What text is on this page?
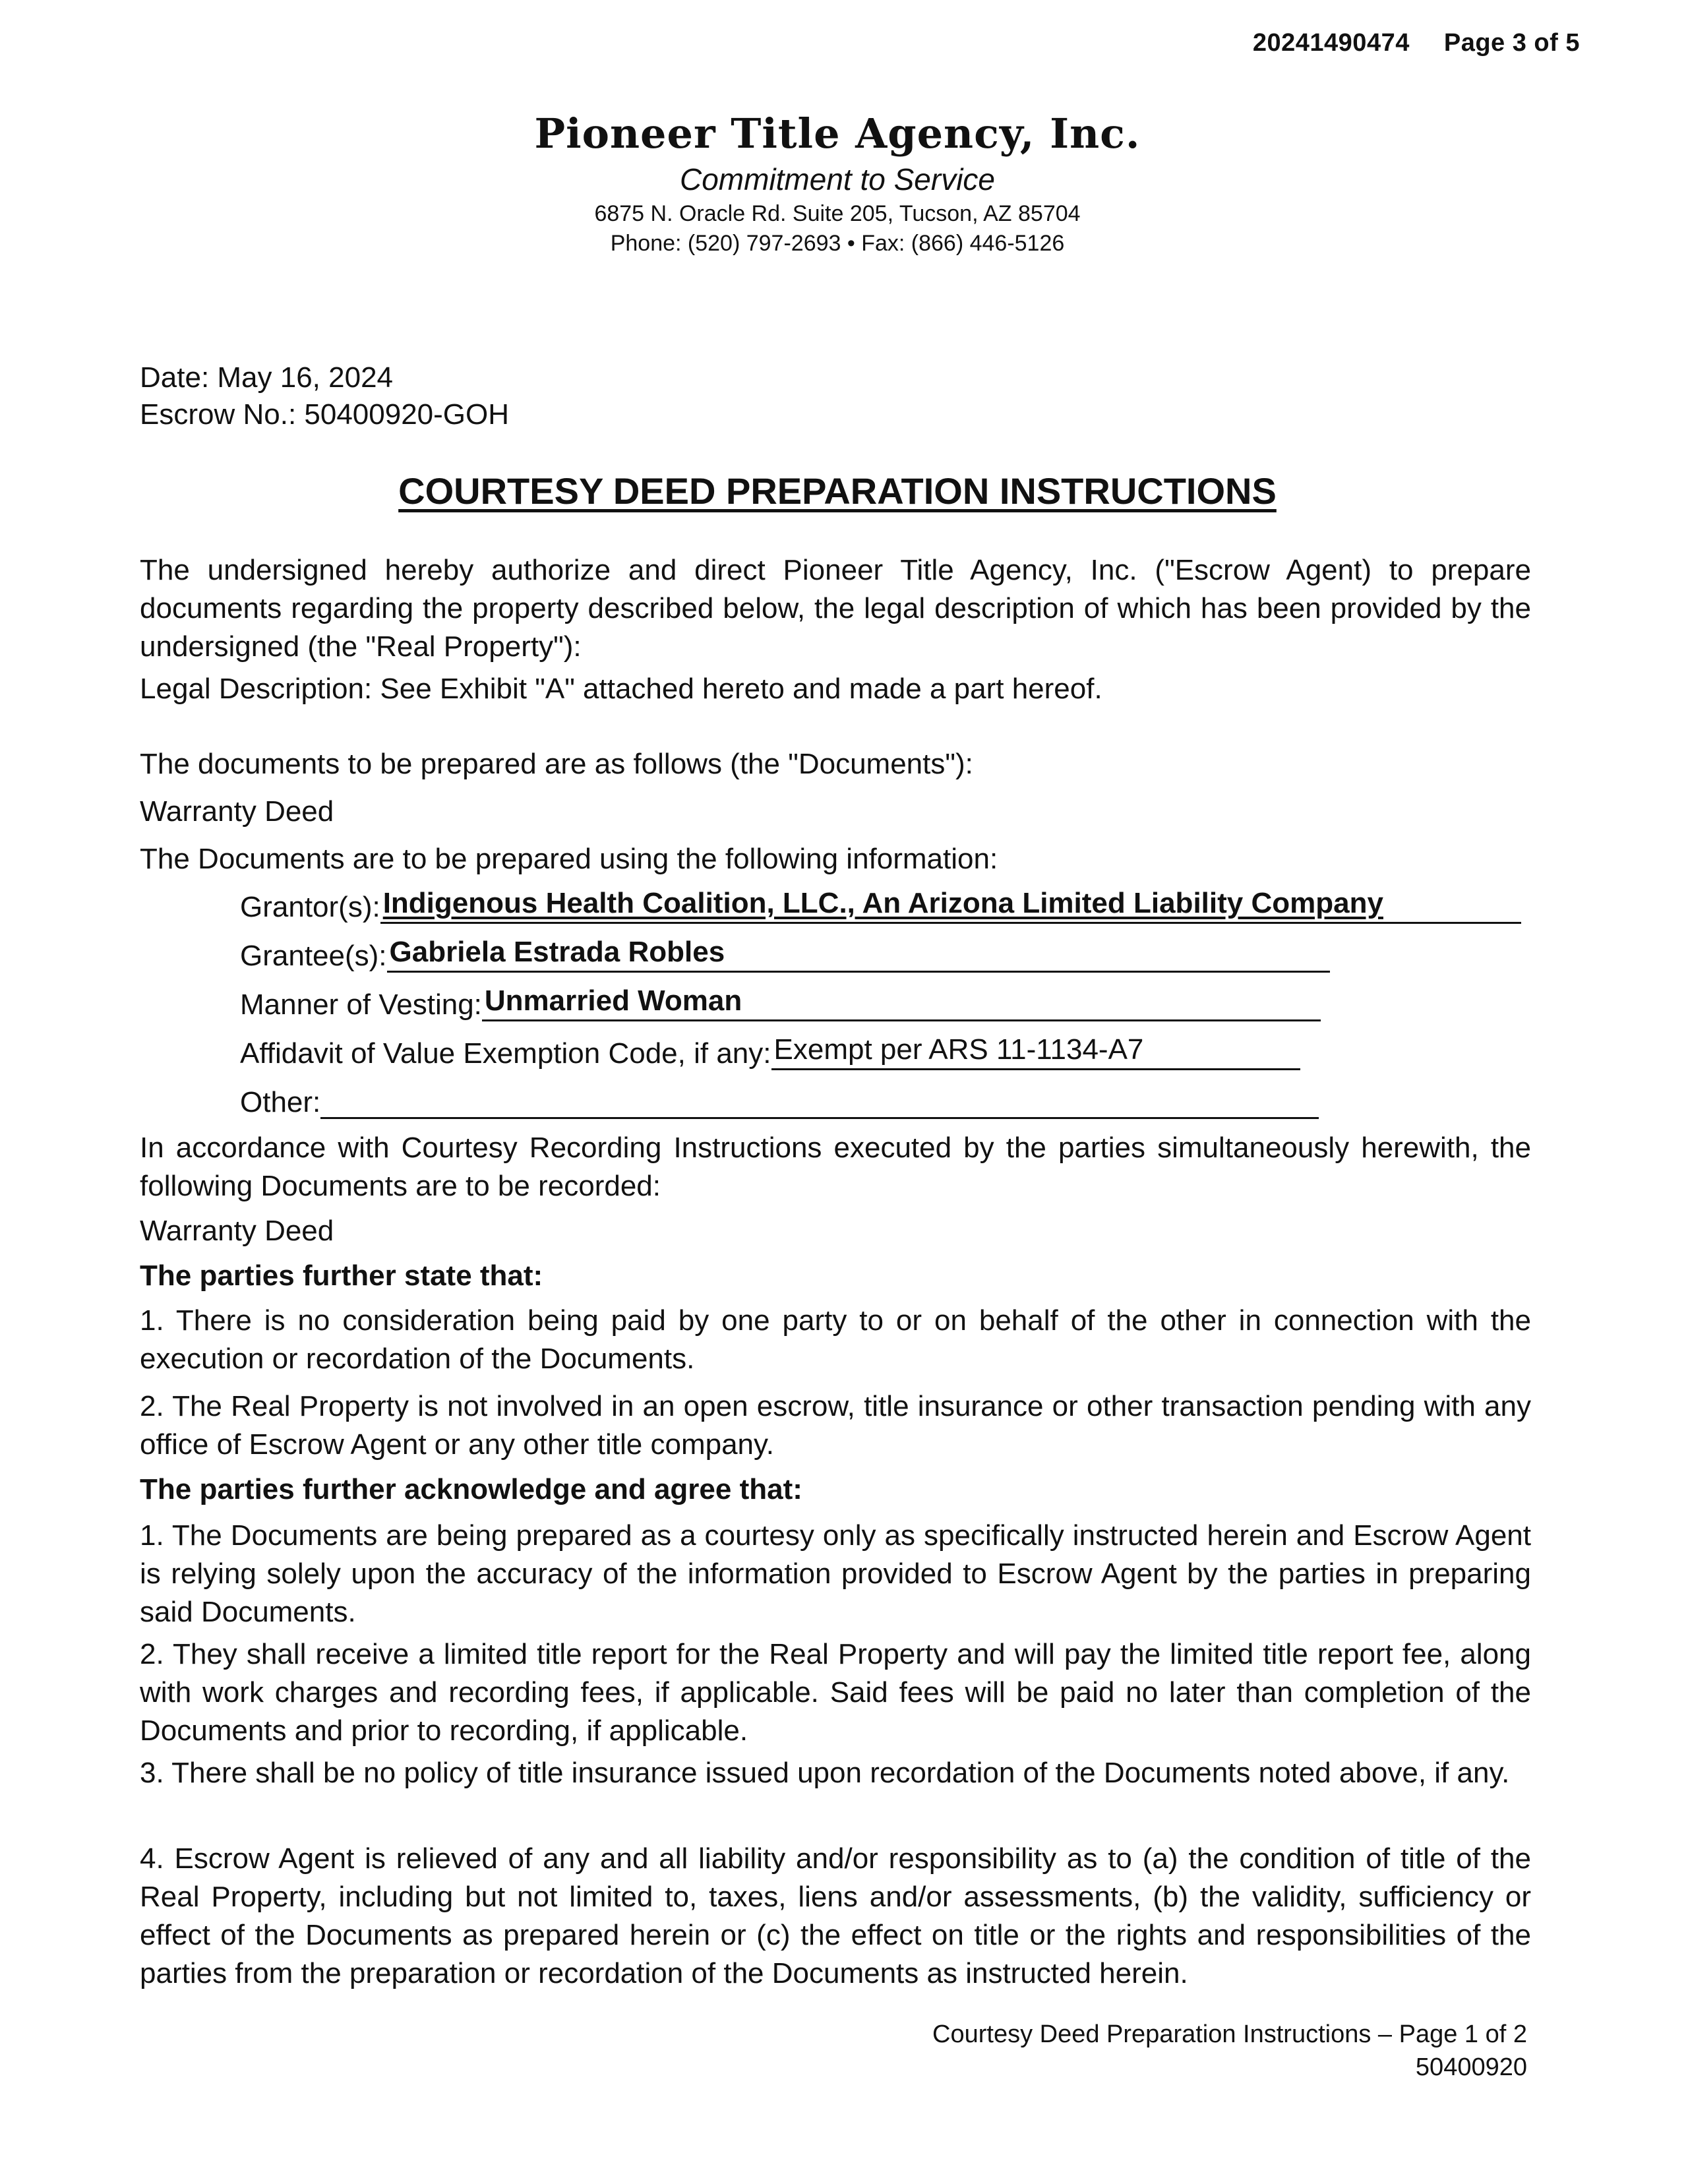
20241490474 Page 3 of 5
Pioneer Title Agency, Inc.
Commitment to Service
6875 N. Oracle Rd. Suite 205, Tucson, AZ 85704
Phone: (520) 797-2693 • Fax: (866) 446-5126
Date: May 16, 2024
Escrow No.: 50400920-GOH
COURTESY DEED PREPARATION INSTRUCTIONS
The undersigned hereby authorize and direct Pioneer Title Agency, Inc. ("Escrow Agent) to prepare documents regarding the property described below, the legal description of which has been provided by the undersigned (the "Real Property"):
Legal Description: See Exhibit "A" attached hereto and made a part hereof.
The documents to be prepared are as follows (the "Documents"):
Warranty Deed
The Documents are to be prepared using the following information:
Grantor(s): Indigenous Health Coalition, LLC., An Arizona Limited Liability Company
Grantee(s): Gabriela Estrada Robles
Manner of Vesting: Unmarried Woman
Affidavit of Value Exemption Code, if any: Exempt per ARS 11-1134-A7
Other:
In accordance with Courtesy Recording Instructions executed by the parties simultaneously herewith, the following Documents are to be recorded:
Warranty Deed
The parties further state that:
1. There is no consideration being paid by one party to or on behalf of the other in connection with the execution or recordation of the Documents.
2. The Real Property is not involved in an open escrow, title insurance or other transaction pending with any office of Escrow Agent or any other title company.
The parties further acknowledge and agree that:
1. The Documents are being prepared as a courtesy only as specifically instructed herein and Escrow Agent is relying solely upon the accuracy of the information provided to Escrow Agent by the parties in preparing said Documents.
2. They shall receive a limited title report for the Real Property and will pay the limited title report fee, along with work charges and recording fees, if applicable. Said fees will be paid no later than completion of the Documents and prior to recording, if applicable.
3. There shall be no policy of title insurance issued upon recordation of the Documents noted above, if any.
4. Escrow Agent is relieved of any and all liability and/or responsibility as to (a) the condition of title of the Real Property, including but not limited to, taxes, liens and/or assessments, (b) the validity, sufficiency or effect of the Documents as prepared herein or (c) the effect on title or the rights and responsibilities of the parties from the preparation or recordation of the Documents as instructed herein.
Courtesy Deed Preparation Instructions – Page 1 of 2
50400920
